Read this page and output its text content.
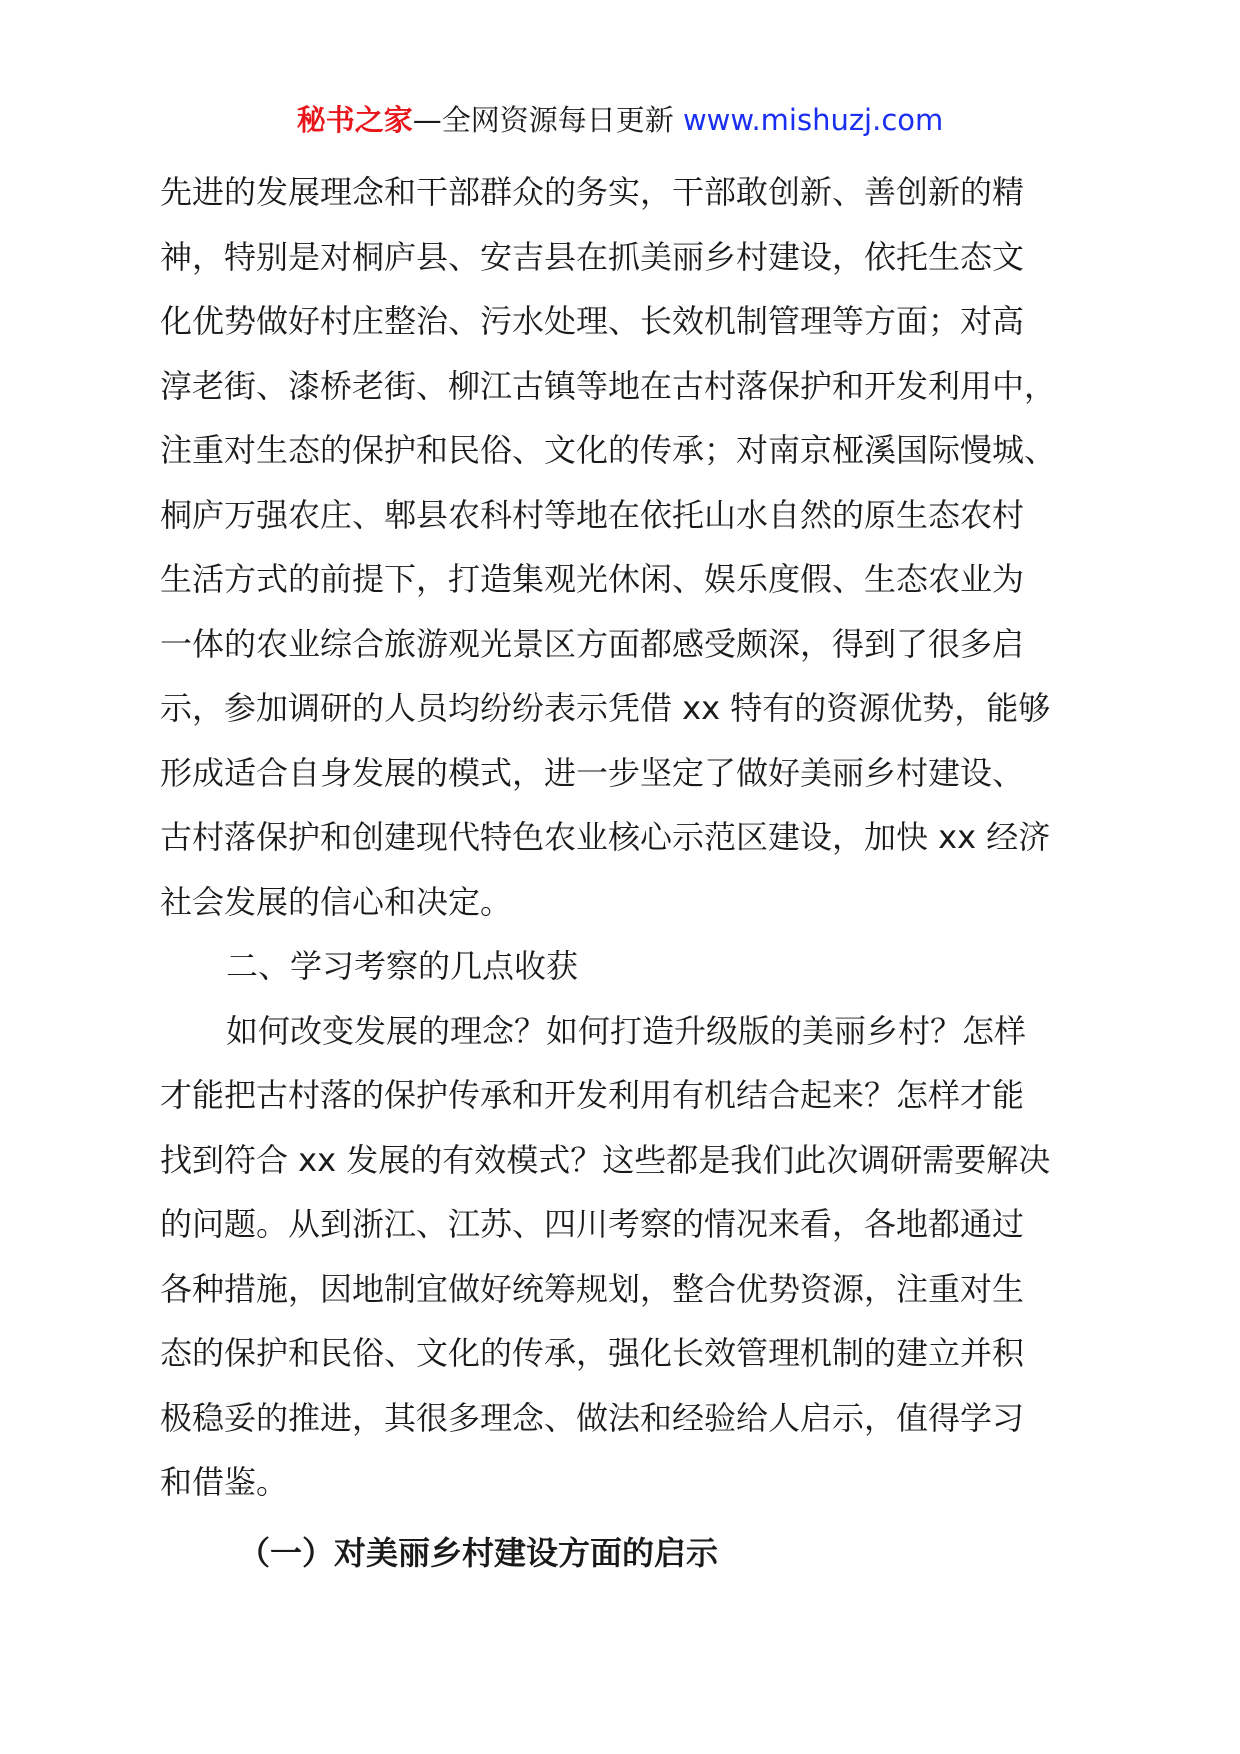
秘书之家—全网资源每日更新 www.mishuzj.com
先进的发展理念和干部群众的务实，干部敢创新、善创新的精
神，特别是对桐庐县、安吉县在抓美丽乡村建设，依托生态文
化优势做好村庄整治、污水处理、长效机制管理等方面；对高
淳老街、漆桥老街、柳江古镇等地在古村落保护和开发利用中，
注重对生态的保护和民俗、文化的传承；对南京桠溪国际慢城、
桐庐万强农庄、郫县农科村等地在依托山水自然的原生态农村
生活方式的前提下，打造集观光休闲、娱乐度假、生态农业为
一体的农业综合旅游观光景区方面都感受颇深，得到了很多启
示，参加调研的人员均纷纷表示凭借 xx 特有的资源优势，能够
形成适合自身发展的模式，进一步坚定了做好美丽乡村建设、
古村落保护和创建现代特色农业核心示范区建设，加快 xx 经济
社会发展的信心和决定。
二、学习考察的几点收获
如何改变发展的理念？如何打造升级版的美丽乡村？怎样
才能把古村落的保护传承和开发利用有机结合起来？怎样才能
找到符合 xx 发展的有效模式？这些都是我们此次调研需要解决
的问题。从到浙江、江苏、四川考察的情况来看，各地都通过
各种措施，因地制宜做好统筹规划，整合优势资源，注重对生
态的保护和民俗、文化的传承，强化长效管理机制的建立并积
极稳妥的推进，其很多理念、做法和经验给人启示，值得学习
和借鉴。
（一）对美丽乡村建设方面的启示
